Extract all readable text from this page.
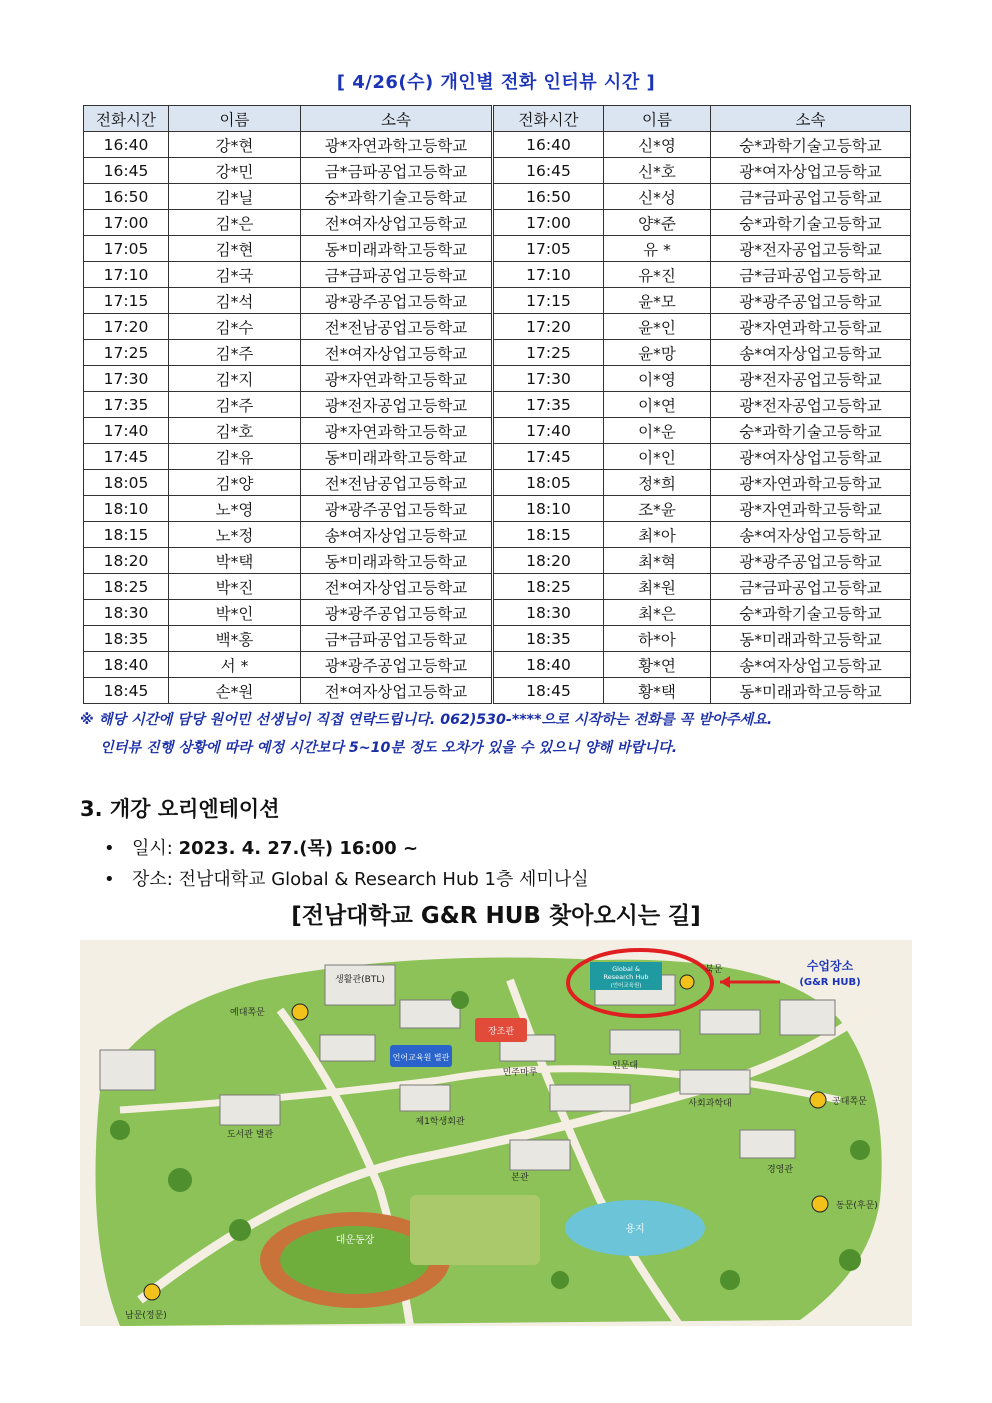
[ 4/26(수) 개인별 전화 인터뷰 시간 ]
전화시간	이름	소속	전화시간	이름	소속
16:40	강*현	광*자연과학고등학교	16:40	신*영	숭*과학기술고등학교
16:45	강*민	금*금파공업고등학교	16:45	신*호	광*여자상업고등학교
16:50	김*닐	숭*과학기술고등학교	16:50	신*성	금*금파공업고등학교
17:00	김*은	전*여자상업고등학교	17:00	양*준	숭*과학기술고등학교
17:05	김*현	동*미래과학고등학교	17:05	유 *	광*전자공업고등학교
17:10	김*국	금*금파공업고등학교	17:10	유*진	금*금파공업고등학교
17:15	김*석	광*광주공업고등학교	17:15	윤*모	광*광주공업고등학교
17:20	김*수	전*전남공업고등학교	17:20	윤*인	광*자연과학고등학교
17:25	김*주	전*여자상업고등학교	17:25	윤*망	송*여자상업고등학교
17:30	김*지	광*자연과학고등학교	17:30	이*영	광*전자공업고등학교
17:35	김*주	광*전자공업고등학교	17:35	이*연	광*전자공업고등학교
17:40	김*호	광*자연과학고등학교	17:40	이*운	숭*과학기술고등학교
17:45	김*유	동*미래과학고등학교	17:45	이*인	광*여자상업고등학교
18:05	김*양	전*전남공업고등학교	18:05	정*희	광*자연과학고등학교
18:10	노*영	광*광주공업고등학교	18:10	조*윤	광*자연과학고등학교
18:15	노*정	송*여자상업고등학교	18:15	최*아	송*여자상업고등학교
18:20	박*택	동*미래과학고등학교	18:20	최*혁	광*광주공업고등학교
18:25	박*진	전*여자상업고등학교	18:25	최*원	금*금파공업고등학교
18:30	박*인	광*광주공업고등학교	18:30	최*은	숭*과학기술고등학교
18:35	백*홍	금*금파공업고등학교	18:35	하*아	동*미래과학고등학교
18:40	서 *	광*광주공업고등학교	18:40	황*연	송*여자상업고등학교
18:45	손*원	전*여자상업고등학교	18:45	황*택	동*미래과학고등학교
※ 해당 시간에 담당 원어민 선생님이 직접 연락드립니다. 062)530-****으로 시작하는 전화를 꼭 받아주세요.
인터뷰 진행 상황에 따라 예정 시간보다 5~10분 정도 오차가 있을 수 있으니 양해 바랍니다.
3. 개강 오리엔테이션
• 일시: 2023. 4. 27.(목) 16:00 ~
• 장소: 전남대학교 Global & Research Hub 1층 세미나실
[전남대학교 G&R HUB 찾아오시는 길]
대운동장
용지
본관
도서관 별관
사회과학대
제1학생회관
경영관
인문대
생활관(BTL)
민주마루
언어교육원 별관
장조관
Global &
Research Hub
(언어교육원)
수업장소
(G&R HUB)
북문
예대쪽문
공대쪽문
동문(후문)
남문(정문)
